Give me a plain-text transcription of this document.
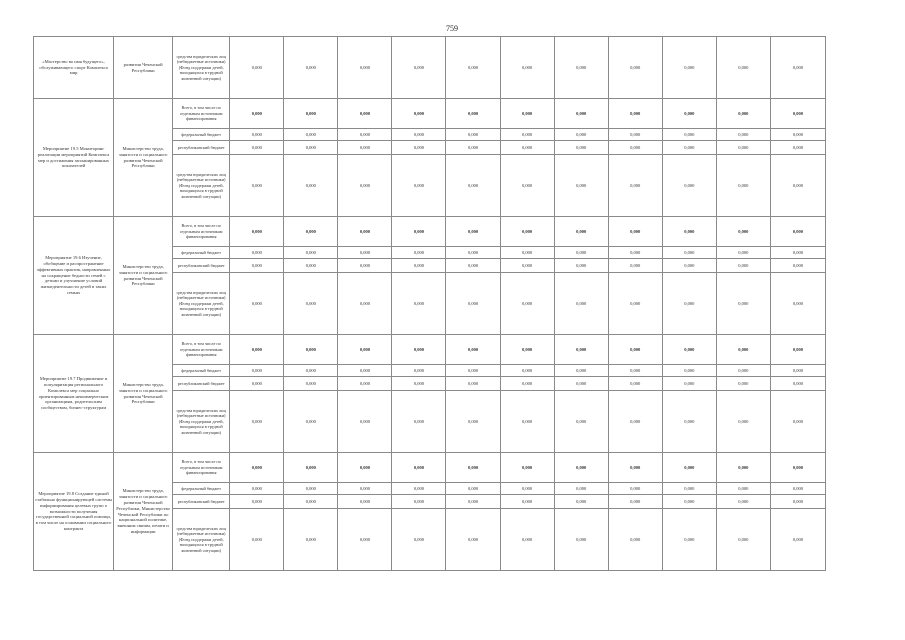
759
«Мастерство во имя будущего», обслуживающего спорт Комплекса мир	развития Чеченской Республики	средства юридических лиц (небюджетные источники) (Фонд поддержки детей, находящихся в трудной жизненной ситуации)	0,000	0,000	0,000	0,000	0,000	0,000	0,000	0,000	0,000	0,000	0,000
Мероприятие 19.5 Мониторинг реализации мероприятий Комплекса мер и достижения запланированных показателей	Министерство труда, занятости и социального развития Чеченской Республики	Всего, в том числе по отдельным источникам финансирования	0,000	0,000	0,000	0,000	0,000	0,000	0,000	0,000	0,000	0,000	0,000
		федеральный бюджет	0,000	0,000	0,000	0,000	0,000	0,000	0,000	0,000	0,000	0,000	0,000
		республиканский бюджет	0,000	0,000	0,000	0,000	0,000	0,000	0,000	0,000	0,000	0,000	0,000
		средства юридических лиц (небюджетные источники) (Фонд поддержки детей, находящихся в трудной жизненной ситуации)	0,000	0,000	0,000	0,000	0,000	0,000	0,000	0,000	0,000	0,000	0,000
Мероприятие 19.6 Изучение, обобщение и распространение эффективных практик, направленных на сокращение бедности семей с детьми и улучшение условий жизнедеятельности детей в таких семьях	Министерство труда, занятости и социального развития Чеченской Республики	Всего, в том числе по отдельным источникам финансирования	0,000	0,000	0,000	0,000	0,000	0,000	0,000	0,000	0,000	0,000	0,000
		федеральный бюджет	0,000	0,000	0,000	0,000	0,000	0,000	0,000	0,000	0,000	0,000	0,000
		республиканский бюджет	0,000	0,000	0,000	0,000	0,000	0,000	0,000	0,000	0,000	0,000	0,000
		средства юридических лиц (небюджетные источники) (Фонд поддержки детей, находящихся в трудной жизненной ситуации)	0,000	0,000	0,000	0,000	0,000	0,000	0,000	0,000	0,000	0,000	0,000
Мероприятие 19.7 Продвижение и популяризация регионального Комплекса мер социально ориентированным некоммерческим организациям, родительским сообществам, бизнес-структурам	Министерство труда, занятости и социального развития Чеченской Республики	Всего, в том числе по отдельным источникам финансирования	0,000	0,000	0,000	0,000	0,000	0,000	0,000	0,000	0,000	0,000	0,000
		федеральный бюджет	0,000	0,000	0,000	0,000	0,000	0,000	0,000	0,000	0,000	0,000	0,000
		республиканский бюджет	0,000	0,000	0,000	0,000	0,000	0,000	0,000	0,000	0,000	0,000	0,000
		средства юридических лиц (небюджетные источники) (Фонд поддержки детей, находящихся в трудной жизненной ситуации)	0,000	0,000	0,000	0,000	0,000	0,000	0,000	0,000	0,000	0,000	0,000
Мероприятие 19.8 Создание единой стабильно функционирующей системы информирования целевых групп о возможности получения государственной социальной помощи, в том числе на основании социального контракта	Министерство труда, занятости и социального развития Чеченской Республики, Министерство Чеченской Республики по национальной политике, внешним связям, печати и информации	Всего, в том числе по отдельным источникам финансирования	0,000	0,000	0,000	0,000	0,000	0,000	0,000	0,000	0,000	0,000	0,000
		федеральный бюджет	0,000	0,000	0,000	0,000	0,000	0,000	0,000	0,000	0,000	0,000	0,000
		республиканский бюджет	0,000	0,000	0,000	0,000	0,000	0,000	0,000	0,000	0,000	0,000	0,000
		средства юридических лиц (небюджетные источники) (Фонд поддержки детей, находящихся в трудной жизненной ситуации)	0,000	0,000	0,000	0,000	0,000	0,000	0,000	0,000	0,000	0,000	0,000
